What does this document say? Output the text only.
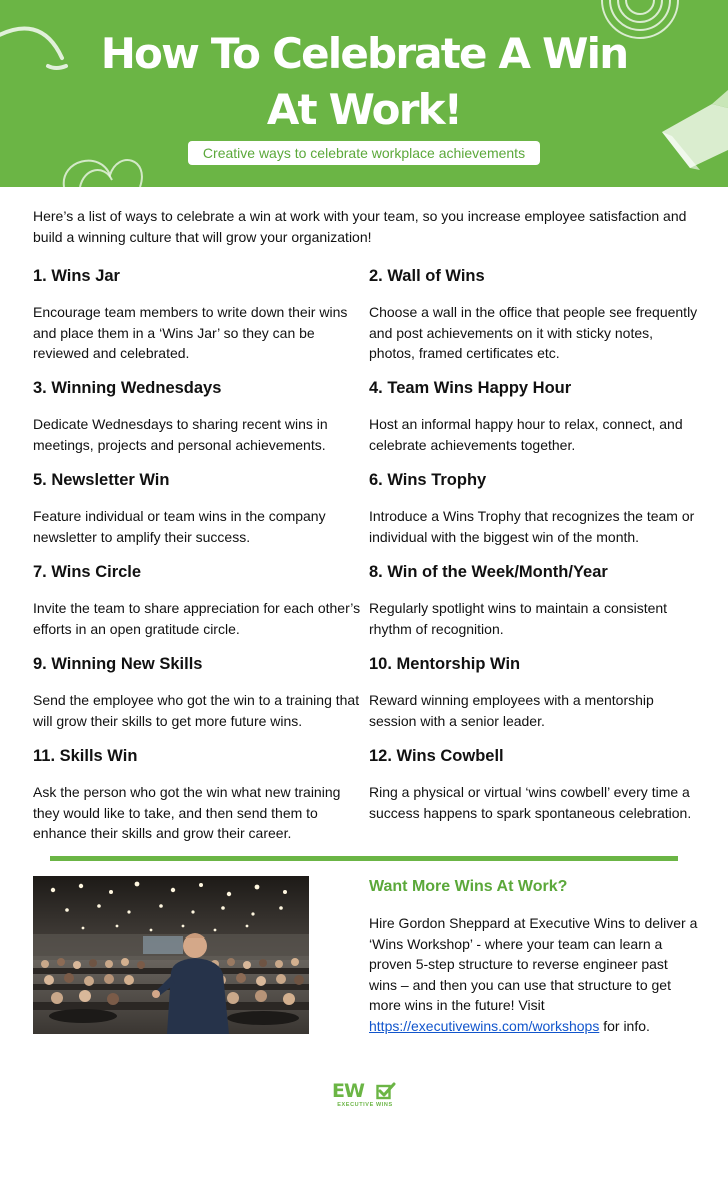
How To Celebrate A Win
At Work!
Creative ways to celebrate workplace achievements

Here’s a list of ways to celebrate a win at work with your team, so you increase employee satisfaction and build a winning culture that will grow your organization!

1. Wins Jar

Encourage team members to write down their wins and place them in a ‘Wins Jar’ so they can be reviewed and celebrated.

2. Wall of Wins

Choose a wall in the office that people see frequently and post achievements on it with sticky notes, photos, framed certificates etc.

3. Winning Wednesdays

Dedicate Wednesdays to sharing recent wins in meetings, projects and personal achievements.

4. Team Wins Happy Hour

Host an informal happy hour to relax, connect, and celebrate achievements together.

5. Newsletter Win

Feature individual or team wins in the company newsletter to amplify their success.

6. Wins Trophy

Introduce a Wins Trophy that recognizes the team or individual with the biggest win of the month.

7. Wins Circle

Invite the team to share appreciation for each other’s efforts in an open gratitude circle.

8. Win of the Week/Month/Year

Regularly spotlight wins to maintain a consistent rhythm of recognition.

9. Winning New Skills

Send the employee who got the win to a training that will grow their skills to get more future wins.

10. Mentorship Win

Reward winning employees with a mentorship session with a senior leader.

11. Skills Win

Ask the person who got the win what new training they would like to take, and then send them to enhance their skills and grow their career.

12. Wins Cowbell

Ring a physical or virtual ‘wins cowbell’ every time a success happens to spark spontaneous celebration.

Want More Wins At Work?

Hire Gordon Sheppard at Executive Wins to deliver a ‘Wins Workshop’ - where your team can learn a proven 5-step structure to reverse engineer past wins – and then you can use that structure to get more wins in the future! Visit
https://executivewins.com/workshops for info.

EW
EXECUTIVE WINS
